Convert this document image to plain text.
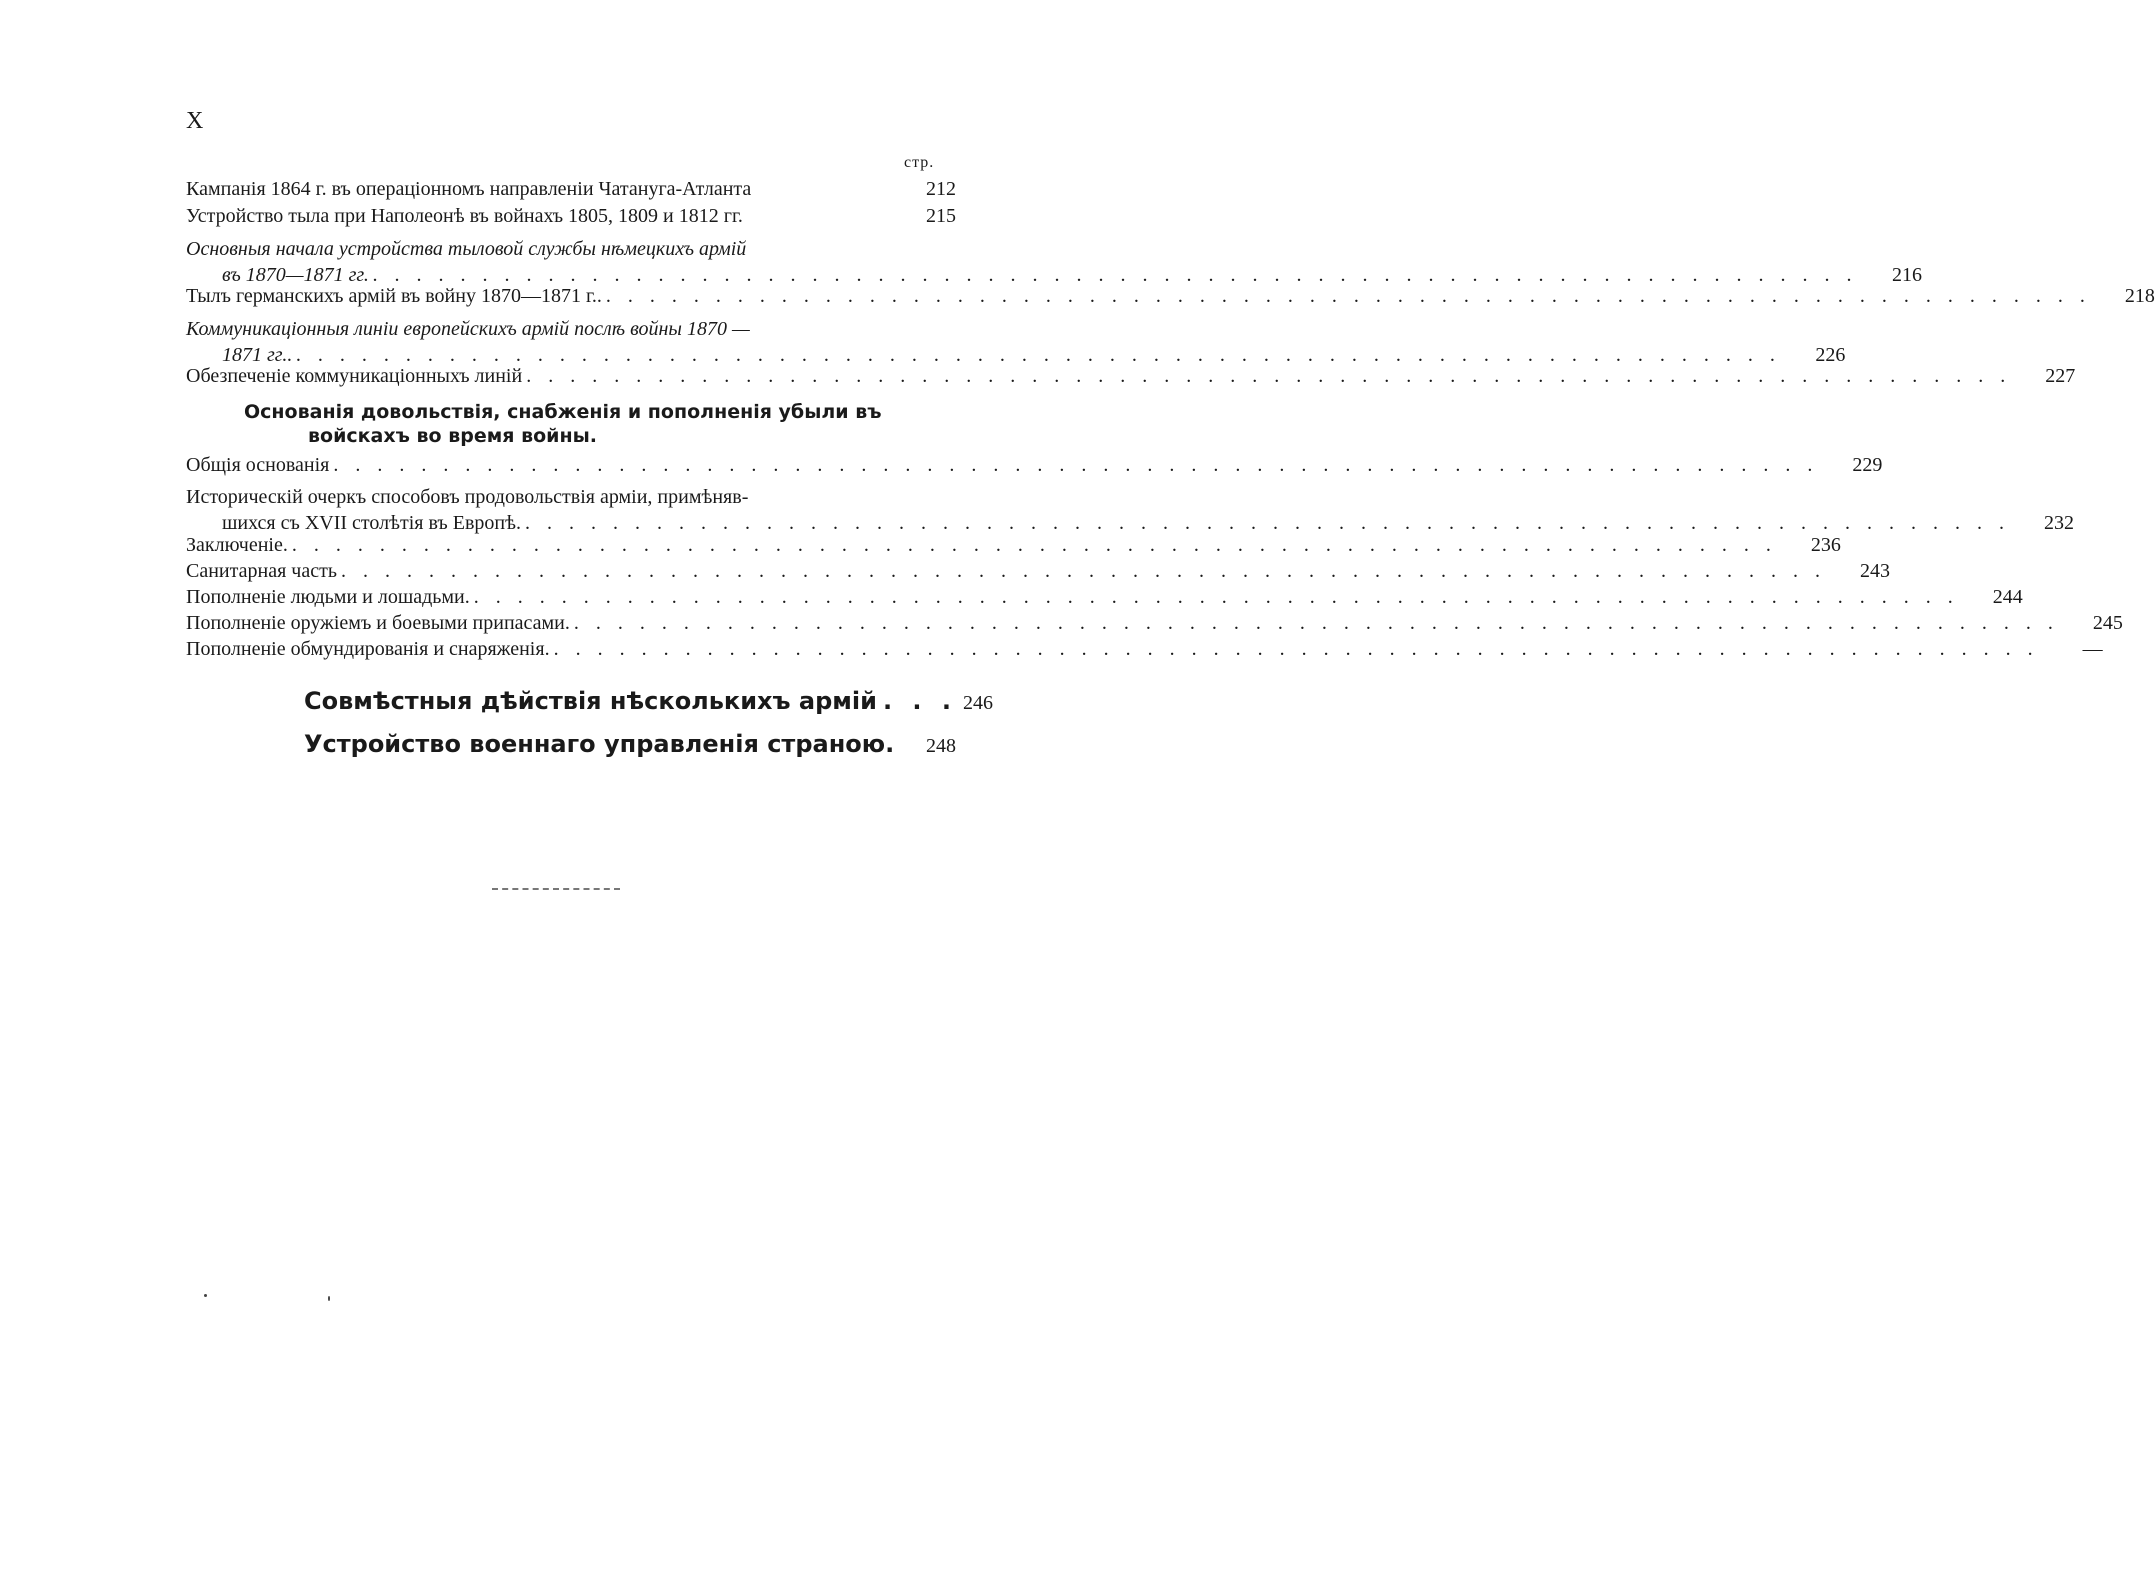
X
стр.
Кампанія 1864 г. въ операціонномъ направленіи Чатануга-Атланта	212
Устройство тыла при Наполеонѣ въ войнахъ 1805, 1809 и 1812 гг.	215
Основныя начала устройства тыловой службы нѣмецкихъ армій
въ 1870—1871 гг. . . .	216
Тылъ германскихъ армій въ войну 1870—1871 г.. . . .	218
Коммуникаціонныя линіи европейскихъ армій послѣ войны 1870 —
1871 гг.. . . .	226
Обезпеченіе коммуникаціонныхъ линій . . .	227
Основанія довольствія, снабженія и пополненія убыли въ
войскахъ во время войны.
Общія основанія . . .	229
Историческій очеркъ способовъ продовольствія арміи, примѣняв-
шихся съ XVII столѣтія въ Европѣ. . . .	232
Заключеніе. . . .	236
Санитарная часть . . .	243
Пополненіе людьми и лошадьми. . . .	244
Пополненіе оружіемъ и боевыми припасами. . . .	245
Пополненіе обмундированія и снаряженія. . . .	—
Совмѣстныя дѣйствія нѣсколькихъ армій . . . 246
Устройство военнаго управленія страною.	248
